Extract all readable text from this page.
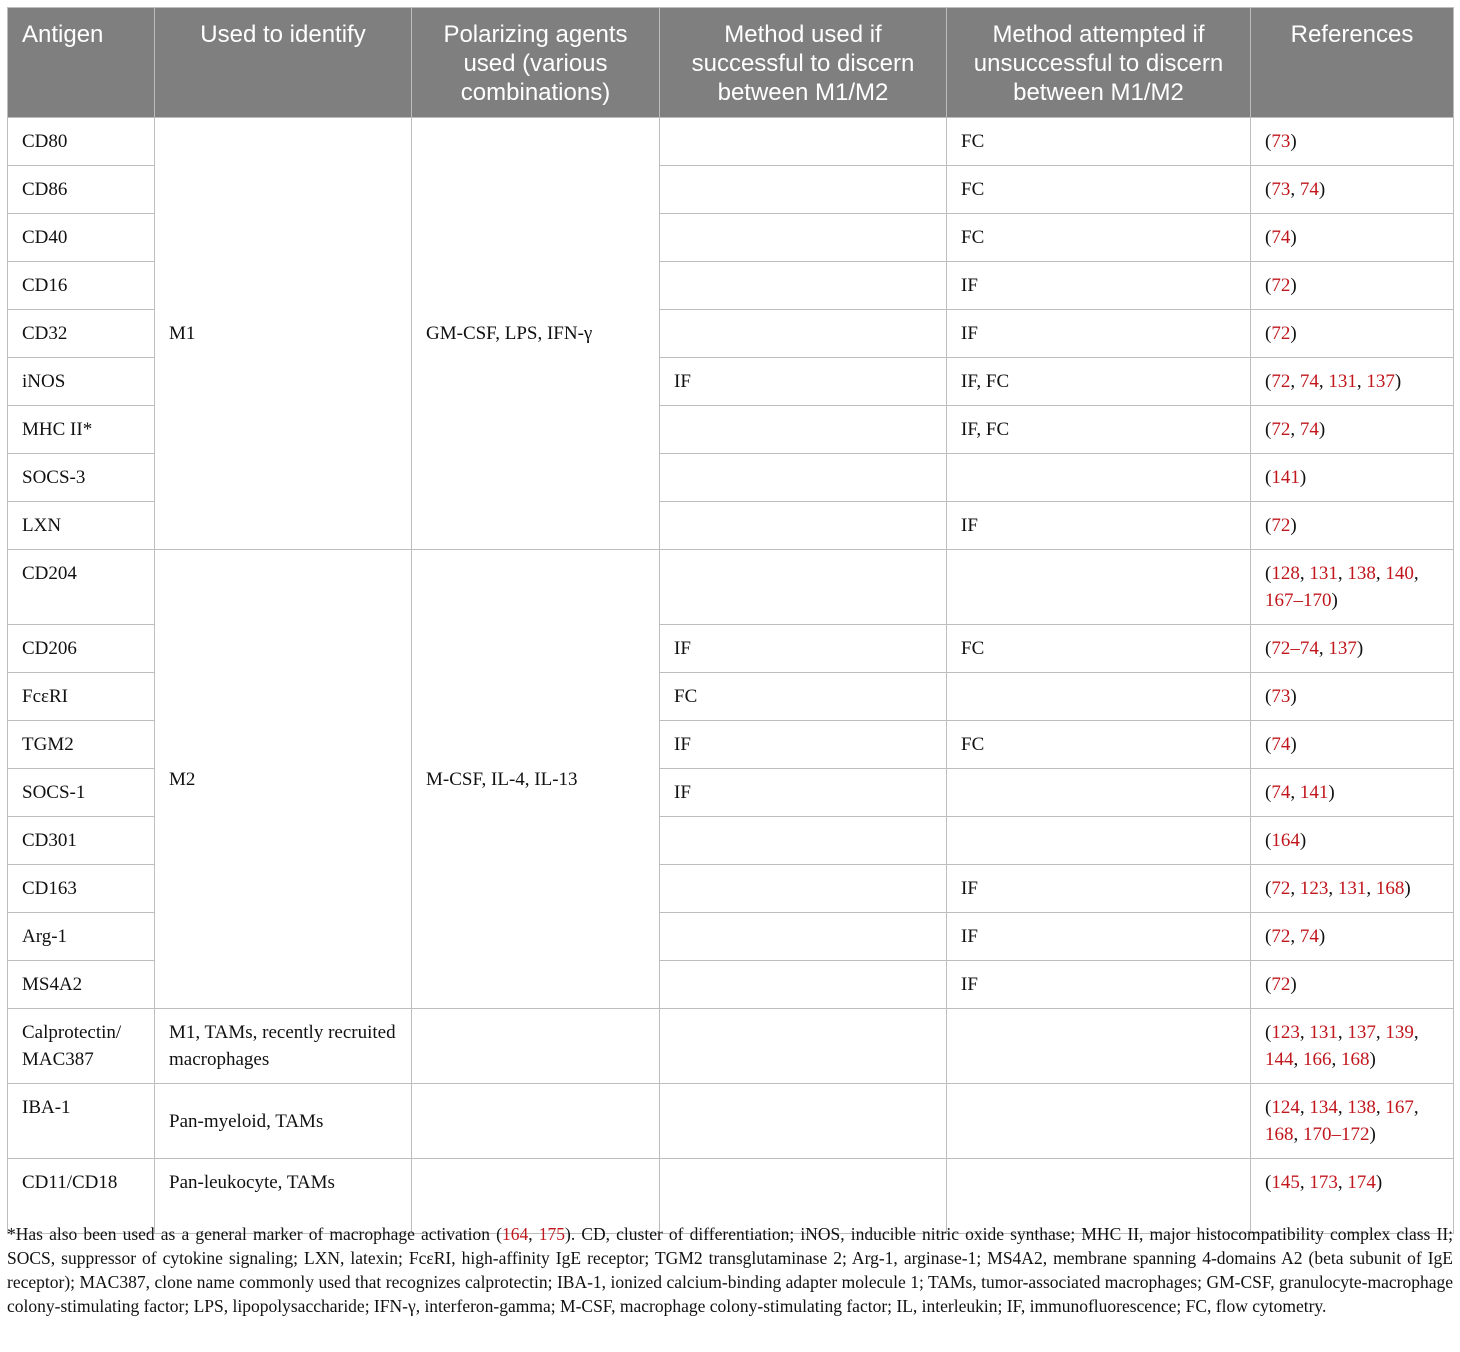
Antigen	Used to identify	Polarizing agents used (various combinations)	Method used if successful to discern between M1/M2	Method attempted if unsuccessful to discern between M1/M2	References
CD80	M1	GM-CSF, LPS, IFN-γ		FC	(73)
CD86				FC	(73, 74)
CD40				FC	(74)
CD16				IF	(72)
CD32				IF	(72)
iNOS			IF	IF, FC	(72, 74, 131, 137)
MHC II*				IF, FC	(72, 74)
SOCS-3					(141)
LXN				IF	(72)
CD204	M2	M-CSF, IL-4, IL-13			(128, 131, 138, 140, 167–170)
CD206			IF	FC	(72–74, 137)
FcεRI			FC		(73)
TGM2			IF	FC	(74)
SOCS-1			IF		(74, 141)
CD301					(164)
CD163				IF	(72, 123, 131, 168)
Arg-1				IF	(72, 74)
MS4A2				IF	(72)
Calprotectin/ MAC387	M1, TAMs, recently recruited macrophages				(123, 131, 137, 139, 144, 166, 168)
IBA-1	Pan-myeloid, TAMs				(124, 134, 138, 167, 168, 170–172)
CD11/CD18	Pan-leukocyte, TAMs				(145, 173, 174)
*Has also been used as a general marker of macrophage activation (164, 175). CD, cluster of differentiation; iNOS, inducible nitric oxide synthase; MHC II, major histocompatibility complex class II; SOCS, suppressor of cytokine signaling; LXN, latexin; FcεRI, high-affinity IgE receptor; TGM2 transglutaminase 2; Arg-1, arginase-1; MS4A2, membrane spanning 4-domains A2 (beta subunit of IgE receptor); MAC387, clone name commonly used that recognizes calprotectin; IBA-1, ionized calcium-binding adapter molecule 1; TAMs, tumor-associated macrophages; GM-CSF, granulocyte-macrophage colony-stimulating factor; LPS, lipopolysaccharide; IFN-γ, interferon-gamma; M-CSF, macrophage colony-stimulating factor; IL, interleukin; IF, immunofluorescence; FC, flow cytometry.
